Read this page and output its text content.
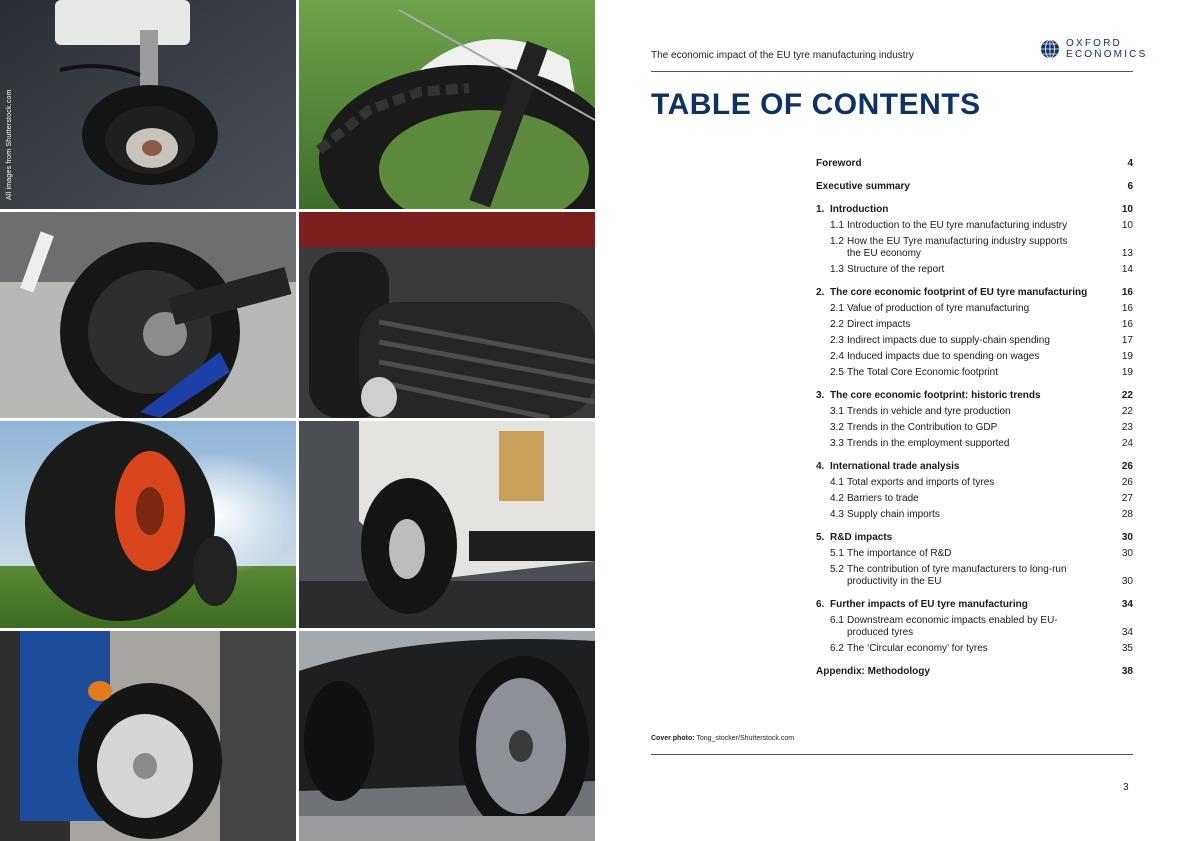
All images from Shutterstock.com
The economic impact of the EU tyre manufacturing industry
OXFORD
ECONOMICS
TABLE OF CONTENTS
Foreword	4
Executive summary	6
1. Introduction	10
1.1 Introduction to the EU tyre manufacturing industry	10
1.2 How the EU Tyre manufacturing industry supports the EU economy	13
1.3 Structure of the report	14
2. The core economic footprint of EU tyre manufacturing	16
2.1 Value of production of tyre manufacturing	16
2.2 Direct impacts	16
2.3 Indirect impacts due to supply-chain spending	17
2.4 Induced impacts due to spending on wages	19
2.5 The Total Core Economic footprint	19
3. The core economic footprint: historic trends	22
3.1 Trends in vehicle and tyre production	22
3.2 Trends in the Contribution to GDP	23
3.3 Trends in the employment supported	24
4. International trade analysis	26
4.1 Total exports and imports of tyres	26
4.2 Barriers to trade	27
4.3 Supply chain imports	28
5. R&D impacts	30
5.1 The importance of R&D	30
5.2 The contribution of tyre manufacturers to long-run productivity in the EU	30
6. Further impacts of EU tyre manufacturing	34
6.1 Downstream economic impacts enabled by EU-produced tyres	34
6.2 The ‘Circular economy’ for tyres	35
Appendix: Methodology	38
Cover photo: Tong_stocker/Shutterstock.com
3
